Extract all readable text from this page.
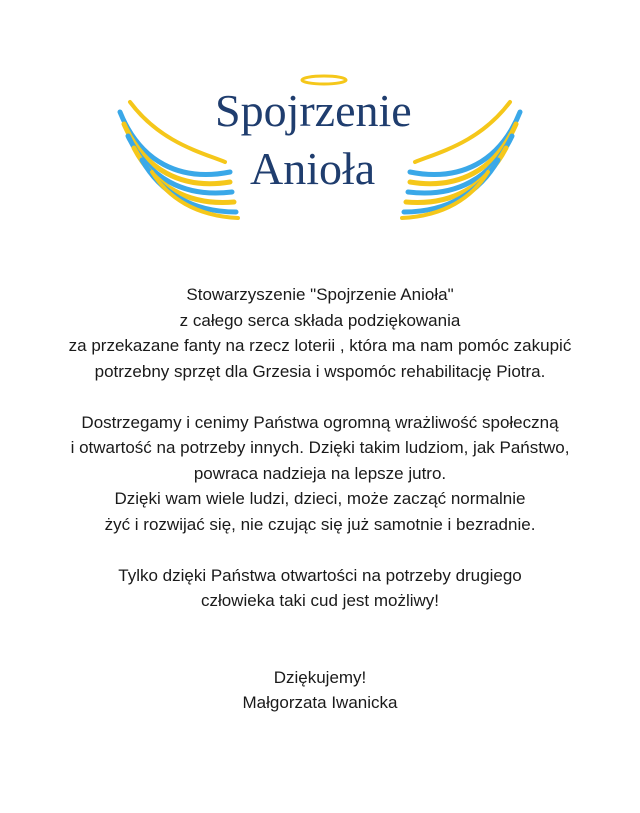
Spojrzenie
Anioła

Stowarzyszenie "Spojrzenie Anioła"
z całego serca składa podziękowania
za przekazane fanty na rzecz loterii , która ma nam pomóc zakupić
potrzebny sprzęt dla Grzesia i wspomóc rehabilitację Piotra.

Dostrzegamy i cenimy Państwa ogromną wrażliwość społeczną
i otwartość na potrzeby innych. Dzięki takim ludziom, jak Państwo,
powraca nadzieja na lepsze jutro.
Dzięki wam wiele ludzi, dzieci, może zacząć normalnie
żyć i rozwijać się, nie czując się już samotnie i bezradnie.

Tylko dzięki Państwa otwartości na potrzeby drugiego
człowieka taki cud jest możliwy!

Dziękujemy!
Małgorzata Iwanicka
